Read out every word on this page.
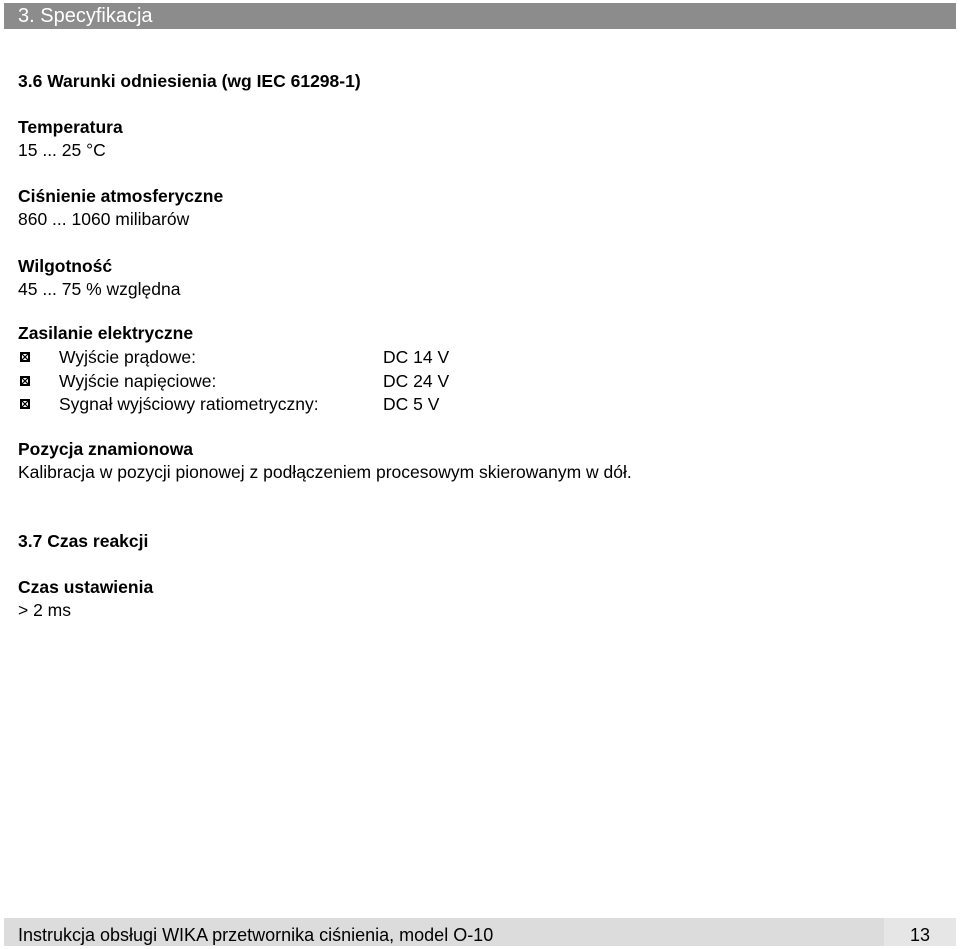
3. Specyfikacja
3.6 Warunki odniesienia (wg IEC 61298-1)
Temperatura
15 ... 25 °C
Ciśnienie atmosferyczne
860 ... 1060 milibarów
Wilgotność
45 ... 75 % względna
Zasilanie elektryczne
Wyjście prądowe:	DC 14 V
Wyjście napięciowe:	DC 24 V
Sygnał wyjściowy ratiometryczny:	DC 5 V
Pozycja znamionowa
Kalibracja w pozycji pionowej z podłączeniem procesowym skierowanym w dół.
3.7 Czas reakcji
Czas ustawienia
> 2 ms
Instrukcja obsługi WIKA przetwornika ciśnienia, model O-10	13
